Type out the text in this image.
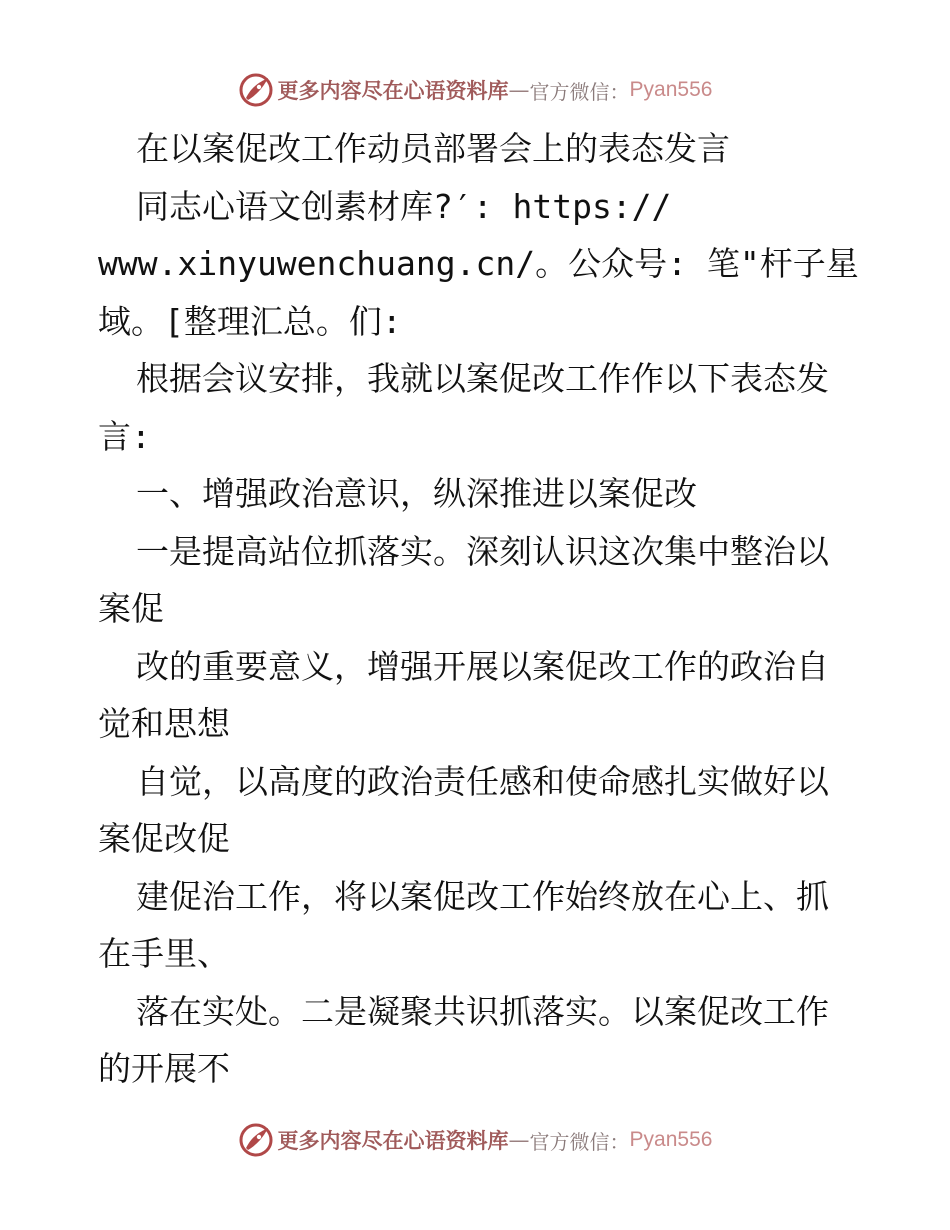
更多内容尽在心语资料库 — 官方微信： Pyan556
在以案促改工作动员部署会上的表态发言
同志心语文创素材库?′: https://
www.xinyuwenchuang.cn/。公众号: 笔"杆子星
域。[整理汇总。们:
根据会议安排，我就以案促改工作作以下表态发
言:
一、增强政治意识，纵深推进以案促改
一是提高站位抓落实。深刻认识这次集中整治以
案促
改的重要意义，增强开展以案促改工作的政治自
觉和思想
自觉，以高度的政治责任感和使命感扎实做好以
案促改促
建促治工作，将以案促改工作始终放在心上、抓
在手里、
落在实处。二是凝聚共识抓落实。以案促改工作
的开展不
更多内容尽在心语资料库 — 官方微信： Pyan556
